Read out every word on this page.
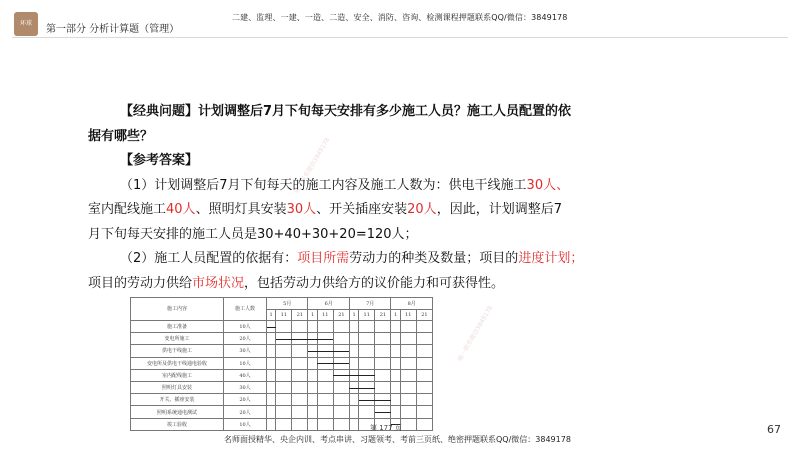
环球
第一部分 分析计算题（管理）
二建、监理、一建、一造、二造、安全、消防、咨询、检测课程押题联系QQ/微信：3849178
唯一联系微信3849178
唯一联系微信3849178

【经典问题】计划调整后7月下旬每天安排有多少施工人员？施工人员配置的依

据有哪些？

【参考答案】

（1）计划调整后7月下旬每天的施工内容及施工人数为：供电干线施工30人、

室内配线施工40人、照明灯具安装30人、开关插座安装20人，因此，计划调整后7

月下旬每天安排的施工人员是30+40+30+20=120人；

（2）施工人员配置的依据有：项目所需劳动力的种类及数量；项目的进度计划；

项目的劳动力供给市场状况，包括劳动力供给方的议价能力和可获得性。

施工内容	施工人数	5月			6月			7月			8月		
		1	11	21	1	11	21	1	11	21	1	11	21
施工准备	10人												
变电所施工	20人												
供电干线施工	30人												
变电所及供电干线通电验收	10人												
室内配线施工	40人												
照明灯具安装	30人												
开关、插座安装	20人												
照明系统通电测试	20人												
竣工验收	10人													第 177 页	67
名师面授精华、央企内训、考点串讲、习题领考、考前三页纸、绝密押题联系QQ/微信：3849178
